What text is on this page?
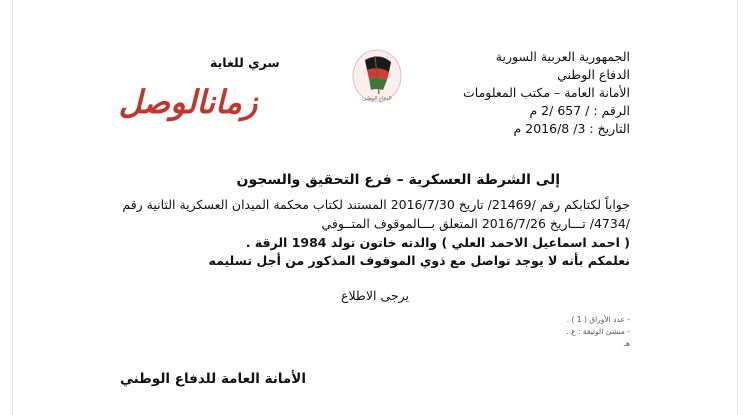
الجمهورية العربية السورية
الدفاع الوطني
الأمانة العامة – مكتب المعلومات
الرقم : / 657 /2 م
التاريخ : 3/ 2016/8 م
الدفاع الوطني
سري للغاية
زمانالوصل
إلى الشرطة العسكرية – فرع التحقيق والسجون
جواباً لكتابكم رقم /21469/ تاريخ 2016/7/30 المستند لكتاب محكمة الميدان العسكرية الثانية رقم
/4734/ تـــاريخ 2016/7/26 المتعلق بـــالموقوف المتــوفي
( احمد اسماعيل الاحمد العلي ) والدته خاتون تولد 1984 الرقة .
نعلمكم بأنه لا يوجد تواصل مع ذوي الموقوف المذكور من أجل تسليمه
يرجى الاطلاع
- عدد الأوراق ( 1 ) .
- منشئ الوثيقة : ع . هـ
الأمانة العامة للدفاع الوطني
